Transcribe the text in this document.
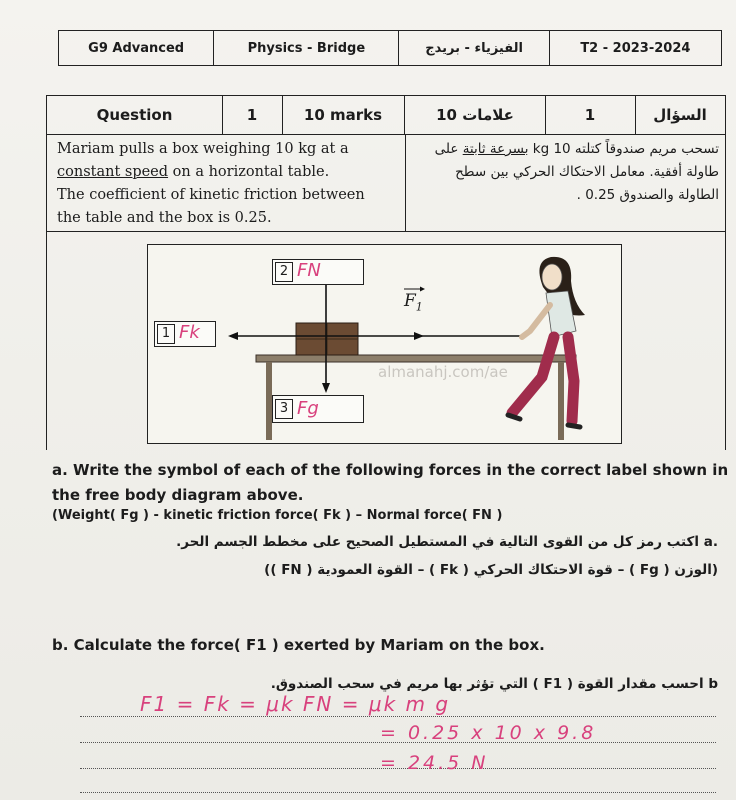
G9 Advanced	Physics - Bridge	الفيزياء - بريدج	T2 - 2023-2024
Question	1	10 marks	10 علامات	1	السؤال
Mariam pulls a box weighing 10 kg at a
constant speed on a horizontal table.
The coefficient of kinetic friction between
the table and the box is 0.25.
تسحب مريم صندوقاً كتلته 10 kg بسرعة ثابتة على
طاولة أفقية. معامل الاحتكاك الحركي بين سطح
الطاولة والصندوق 0.25 .
1 Fk
2 FN
3 Fg
$F_1$
almanahj.com/ae
a. Write the symbol of each of the following forces in the correct label shown in the free body diagram above.
(Weight( Fg ) - kinetic friction force( Fk ) – Normal force( FN )
.a اكتب رمز كل من القوى التالية في المستطيل الصحيح على مخطط الجسم الحر.
(الوزن ( Fg ) – قوة الاحتكاك الحركي ( Fk ) – القوة العمودية ( FN ))
b. Calculate the force( F1 ) exerted by Mariam on the box.
b احسب مقدار القوة ( F1 ) التي تؤثر بها مريم في سحب الصندوق.
F1 = Fk = μk FN = μk m g
= 0.25 x 10 x 9.8
= 24.5 N
